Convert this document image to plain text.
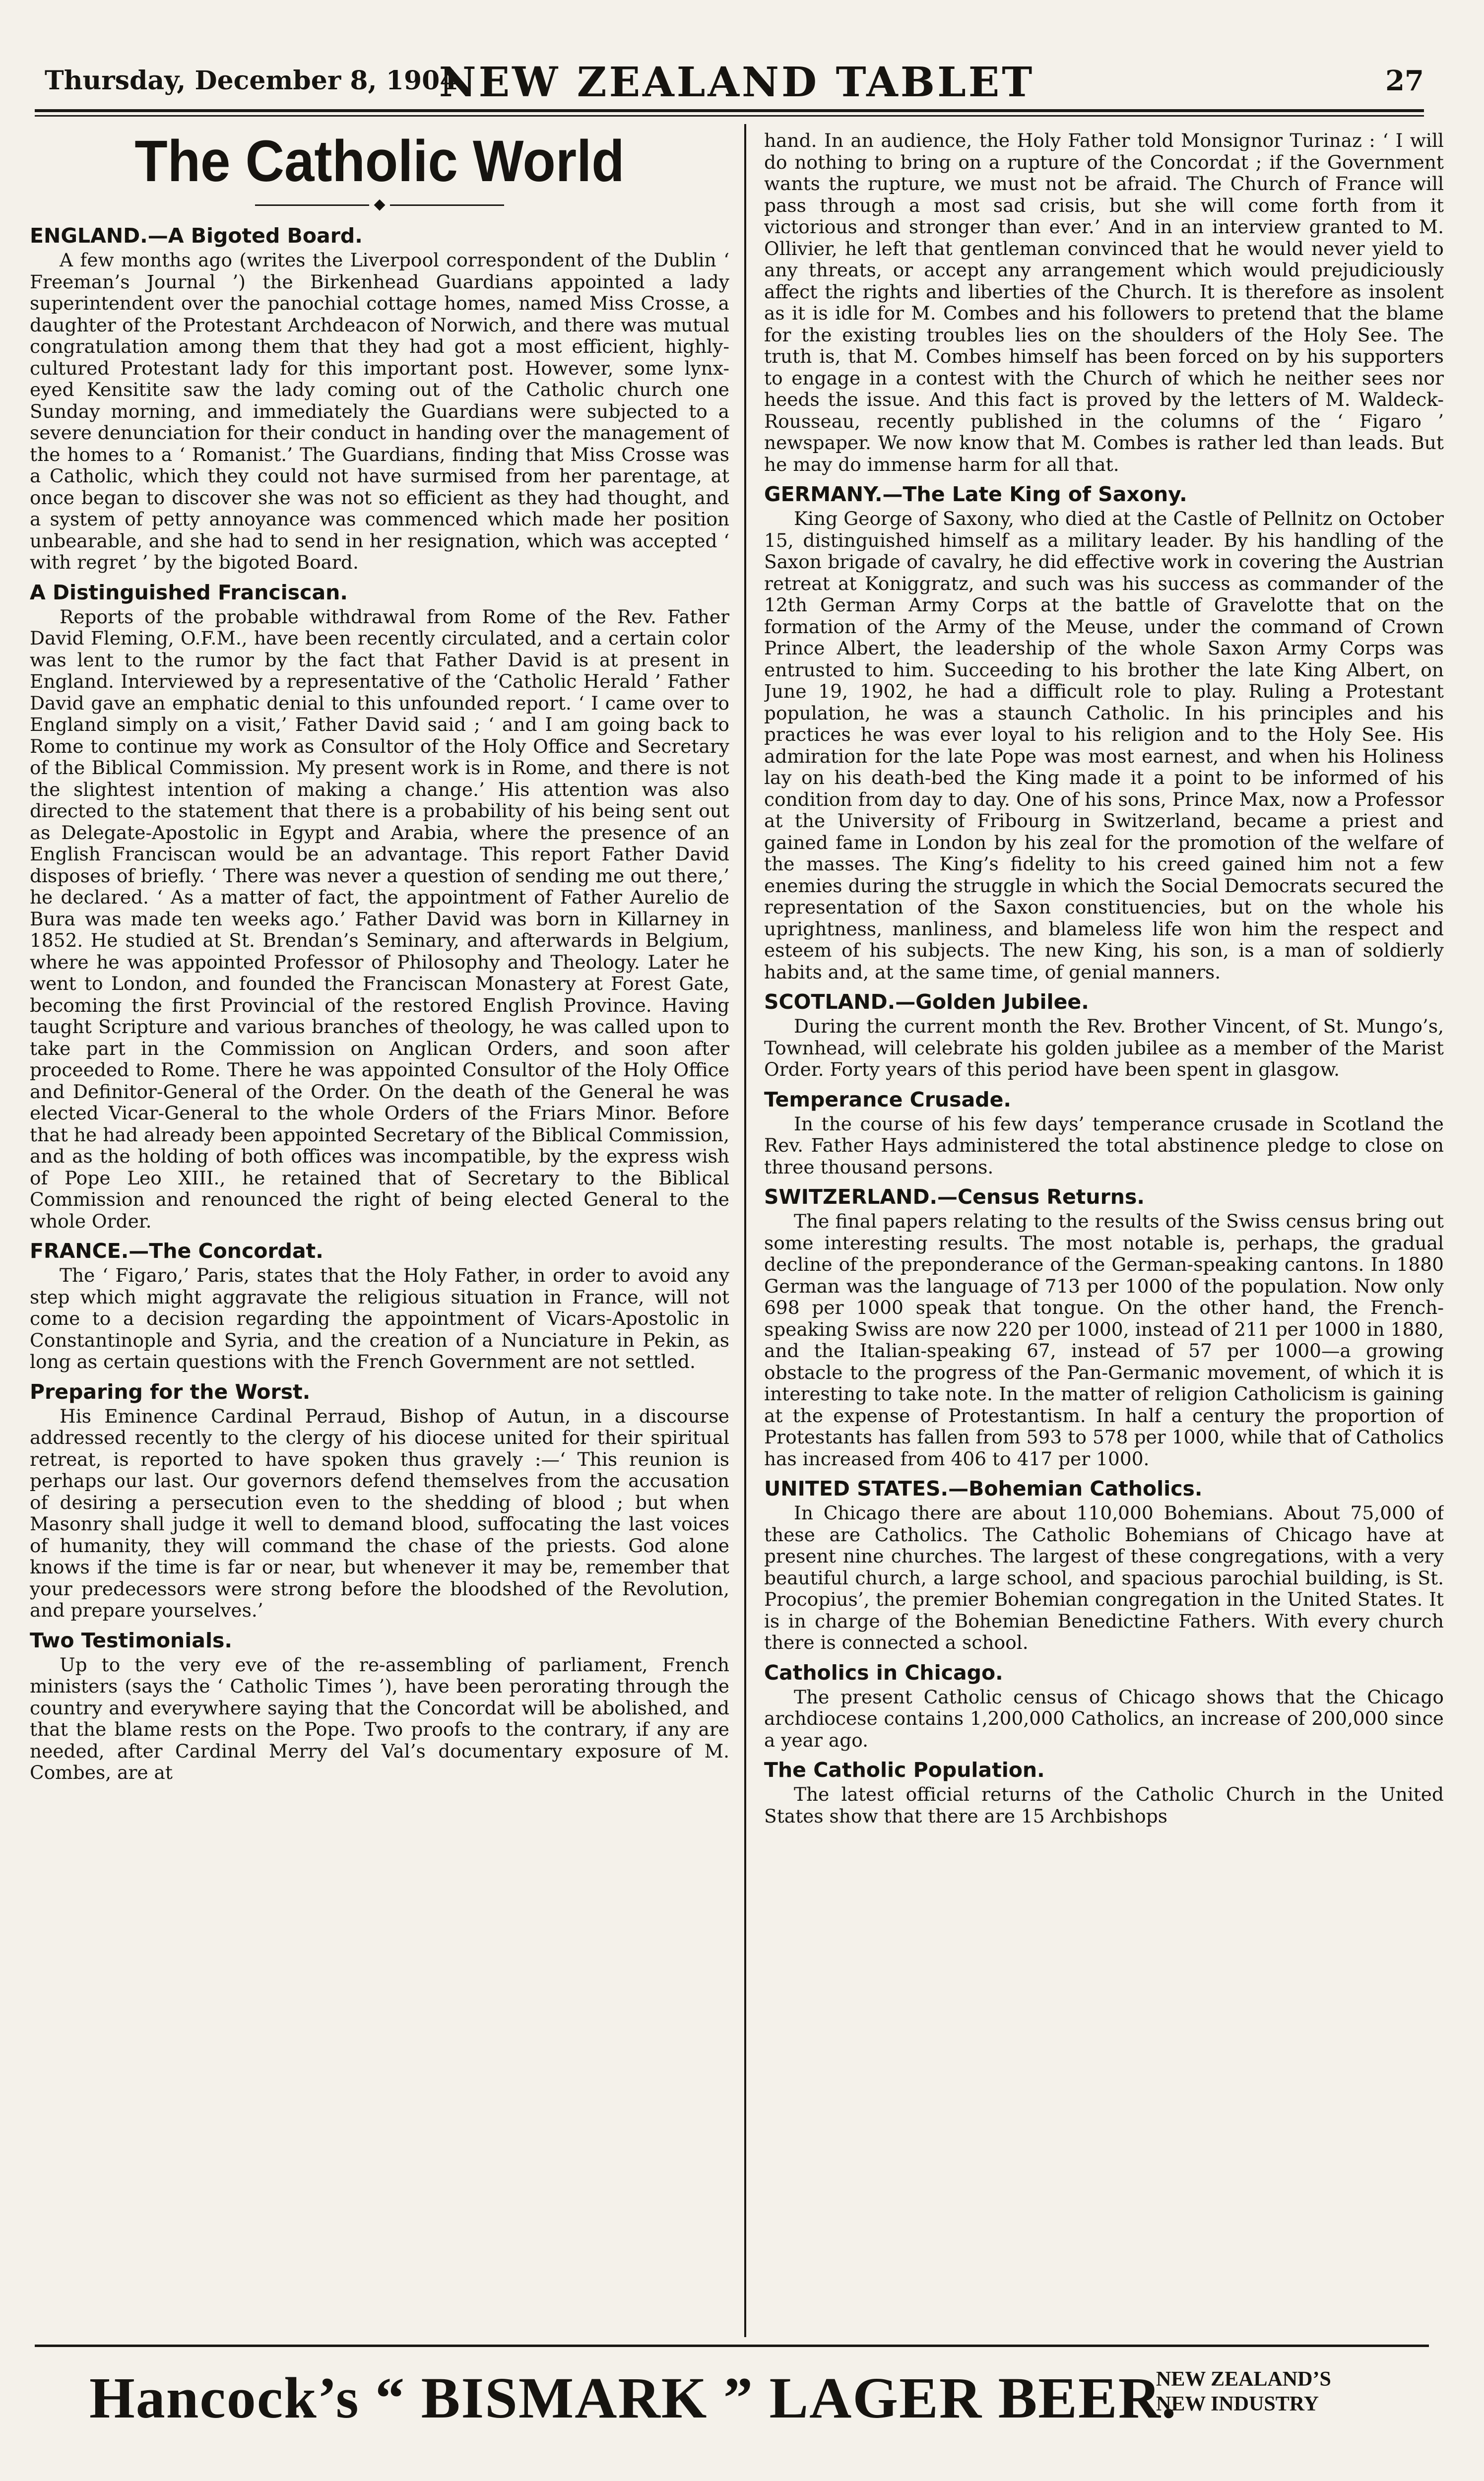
Thursday, December 8, 1904
NEW ZEALAND TABLET	27
The Catholic World
◆
ENGLAND.—A Bigoted Board.

A few months ago (writes the Liverpool correspondent of the Dublin ‘ Freeman’s Journal ’) the Birkenhead Guardians appointed a lady superintendent over the panochial cottage homes, named Miss Crosse, a daughter of the Protestant Archdeacon of Norwich, and there was mutual congratulation among them that they had got a most efficient, highly-cultured Protestant lady for this important post. However, some lynx-eyed Kensitite saw the lady coming out of the Catholic church one Sunday morning, and immediately the Guardians were subjected to a severe denunciation for their conduct in handing over the management of the homes to a ‘ Romanist.’ The Guardians, finding that Miss Crosse was a Catholic, which they could not have surmised from her parentage, at once began to discover she was not so efficient as they had thought, and a system of petty annoyance was commenced which made her position unbearable, and she had to send in her resignation, which was accepted ‘ with regret ’ by the bigoted Board.

A Distinguished Franciscan.

Reports of the probable withdrawal from Rome of the Rev. Father David Fleming, O.F.M., have been recently circulated, and a certain color was lent to the rumor by the fact that Father David is at present in England. Interviewed by a representative of the ‘Catholic Herald ’ Father David gave an emphatic denial to this unfounded report. ‘ I came over to England simply on a visit,’ Father David said ; ‘ and I am going back to Rome to continue my work as Consultor of the Holy Office and Secretary of the Biblical Commission. My present work is in Rome, and there is not the slightest intention of making a change.’ His attention was also directed to the statement that there is a probability of his being sent out as Delegate-Apostolic in Egypt and Arabia, where the presence of an English Franciscan would be an advantage. This report Father David disposes of briefly. ‘ There was never a question of sending me out there,’ he declared. ‘ As a matter of fact, the appointment of Father Aurelio de Bura was made ten weeks ago.’ Father David was born in Killarney in 1852. He studied at St. Brendan’s Seminary, and afterwards in Belgium, where he was appointed Professor of Philosophy and Theology. Later he went to London, and founded the Franciscan Monastery at Forest Gate, becoming the first Provincial of the restored English Province. Having taught Scripture and various branches of theology, he was called upon to take part in the Commission on Anglican Orders, and soon after proceeded to Rome. There he was appointed Consultor of the Holy Office and Definitor-General of the Order. On the death of the General he was elected Vicar-General to the whole Orders of the Friars Minor. Before that he had already been appointed Secretary of the Biblical Commission, and as the holding of both offices was incompatible, by the express wish of Pope Leo XIII., he retained that of Secretary to the Biblical Commission and renounced the right of being elected General to the whole Order.

FRANCE.—The Concordat.

The ‘ Figaro,’ Paris, states that the Holy Father, in order to avoid any step which might aggravate the religious situation in France, will not come to a decision regarding the appointment of Vicars-Apostolic in Constantinople and Syria, and the creation of a Nunciature in Pekin, as long as certain questions with the French Government are not settled.

Preparing for the Worst.

His Eminence Cardinal Perraud, Bishop of Autun, in a discourse addressed recently to the clergy of his diocese united for their spiritual retreat, is reported to have spoken thus gravely :—‘ This reunion is perhaps our last. Our governors defend themselves from the accusation of desiring a persecution even to the shedding of blood ; but when Masonry shall judge it well to demand blood, suffocating the last voices of humanity, they will command the chase of the priests. God alone knows if the time is far or near, but whenever it may be, remember that your predecessors were strong before the bloodshed of the Revolution, and prepare yourselves.’

Two Testimonials.

Up to the very eve of the re-assembling of parliament, French ministers (says the ‘ Catholic Times ’), have been perorating through the country and everywhere saying that the Concordat will be abolished, and that the blame rests on the Pope. Two proofs to the contrary, if any are needed, after Cardinal Merry del Val’s documentary exposure of M. Combes, are at

hand. In an audience, the Holy Father told Monsignor Turinaz : ‘ I will do nothing to bring on a rupture of the Concordat ; if the Government wants the rupture, we must not be afraid. The Church of France will pass through a most sad crisis, but she will come forth from it victorious and stronger than ever.’ And in an interview granted to M. Ollivier, he left that gentleman convinced that he would never yield to any threats, or accept any arrangement which would prejudiciously affect the rights and liberties of the Church. It is therefore as insolent as it is idle for M. Combes and his followers to pretend that the blame for the existing troubles lies on the shoulders of the Holy See. The truth is, that M. Combes himself has been forced on by his supporters to engage in a contest with the Church of which he neither sees nor heeds the issue. And this fact is proved by the letters of M. Waldeck-Rousseau, recently published in the columns of the ‘ Figaro ’ newspaper. We now know that M. Combes is rather led than leads. But he may do immense harm for all that.

GERMANY.—The Late King of Saxony.

King George of Saxony, who died at the Castle of Pellnitz on October 15, distinguished himself as a military leader. By his handling of the Saxon brigade of cavalry, he did effective work in covering the Austrian retreat at Koniggratz, and such was his success as commander of the 12th German Army Corps at the battle of Gravelotte that on the formation of the Army of the Meuse, under the command of Crown Prince Albert, the leadership of the whole Saxon Army Corps was entrusted to him. Succeeding to his brother the late King Albert, on June 19, 1902, he had a difficult role to play. Ruling a Protestant population, he was a staunch Catholic. In his principles and his practices he was ever loyal to his religion and to the Holy See. His admiration for the late Pope was most earnest, and when his Holiness lay on his death-bed the King made it a point to be informed of his condition from day to day. One of his sons, Prince Max, now a Professor at the University of Fribourg in Switzerland, became a priest and gained fame in London by his zeal for the promotion of the welfare of the masses. The King’s fidelity to his creed gained him not a few enemies during the struggle in which the Social Democrats secured the representation of the Saxon constituencies, but on the whole his uprightness, manliness, and blameless life won him the respect and esteem of his subjects. The new King, his son, is a man of soldierly habits and, at the same time, of genial manners.

SCOTLAND.—Golden Jubilee.

During the current month the Rev. Brother Vincent, of St. Mungo’s, Townhead, will celebrate his golden jubilee as a member of the Marist Order. Forty years of this period have been spent in glasgow.

Temperance Crusade.

In the course of his few days’ temperance crusade in Scotland the Rev. Father Hays administered the total abstinence pledge to close on three thousand persons.

SWITZERLAND.—Census Returns.

The final papers relating to the results of the Swiss census bring out some interesting results. The most notable is, perhaps, the gradual decline of the preponderance of the German-speaking cantons. In 1880 German was the language of 713 per 1000 of the population. Now only 698 per 1000 speak that tongue. On the other hand, the French-speaking Swiss are now 220 per 1000, instead of 211 per 1000 in 1880, and the Italian-speaking 67, instead of 57 per 1000—a growing obstacle to the progress of the Pan-Germanic movement, of which it is interesting to take note. In the matter of religion Catholicism is gaining at the expense of Protestantism. In half a century the proportion of Protestants has fallen from 593 to 578 per 1000, while that of Catholics has increased from 406 to 417 per 1000.

UNITED STATES.—Bohemian Catholics.

In Chicago there are about 110,000 Bohemians. About 75,000 of these are Catholics. The Catholic Bohemians of Chicago have at present nine churches. The largest of these congregations, with a very beautiful church, a large school, and spacious parochial building, is St. Procopius’, the premier Bohemian congregation in the United States. It is in charge of the Bohemian Benedictine Fathers. With every church there is connected a school.

Catholics in Chicago.

The present Catholic census of Chicago shows that the Chicago archdiocese contains 1,200,000 Catholics, an increase of 200,000 since a year ago.

The Catholic Population.

The latest official returns of the Catholic Church in the United States show that there are 15 Archbishops

Hancock’s “ BISMARK ” LAGER BEER.
NEW ZEALAND’S
NEW INDUSTRY
